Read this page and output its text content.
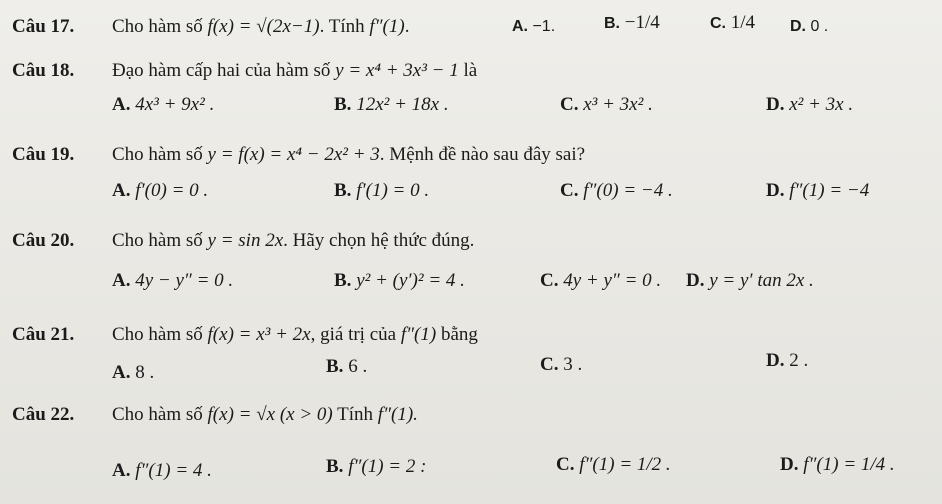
Câu 17. Cho hàm số f(x) = √(2x−1). Tính f″(1).	A. −1.	B. −1/4	C. 1/4 D. 0 .
Câu 18. Đạo hàm cấp hai của hàm số y = x⁴ + 3x³ − 1 là
A. 4x³ + 9x² .	B. 12x² + 18x .	C. x³ + 3x² .	D. x² + 3x .
Câu 19. Cho hàm số y = f(x) = x⁴ − 2x² + 3. Mệnh đề nào sau đây sai?
A. f′(0) = 0 .	B. f′(1) = 0 .	C. f″(0) = −4 .	D. f″(1) = −4
Câu 20. Cho hàm số y = sin 2x. Hãy chọn hệ thức đúng.
A. 4y − y″ = 0 .	B. y² + (y′)² = 4 .	C. 4y + y″ = 0 . D. y = y′ tan 2x .
Câu 21. Cho hàm số f(x) = x³ + 2x, giá trị của f″(1) bằng
A. 8 .	B. 6 .	C. 3 .	D. 2 .
Câu 22. Cho hàm số f(x) = √x (x > 0) Tính f″(1).
A. f″(1) = 4 .	B. f″(1) = 2 :	C. f″(1) = 1/2 .	D. f″(1) = 1/4 .
